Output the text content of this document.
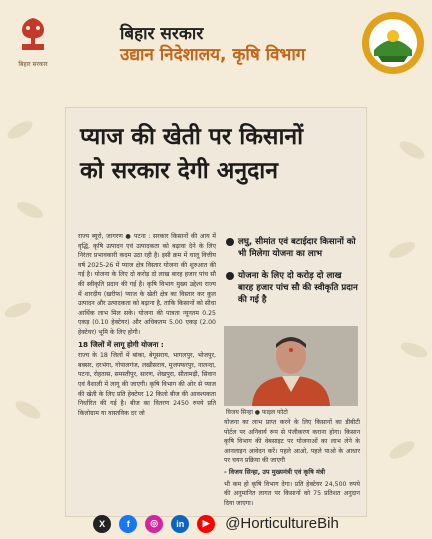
बिहार सरकार
बिहार सरकार
उद्यान निदेशालय, कृषि विभाग
प्याज की खेती पर किसानों
को सरकार देगी अनुदान

राज्य ब्यूरो, जागरण ● पटना : सरकार किसानों की आय में वृद्धि, कृषि उत्पादन एवं उत्पादकता को बढ़ावा देने के लिए निरंतर प्रभावकारी कदम उठा रही है। इसी क्रम में चालू वित्तीय वर्ष 2025-26 में प्याज क्षेत्र विस्तार योजना की शुरुआत की गई है। योजना के लिए दो करोड़ दो लाख बारह हजार पांच सौ की स्वीकृति प्रदान की गई है। कृषि विभाग मुख्य उद्देश्य राज्य में शारदीय (खरीफ) प्याज के खेती क्षेत्र का विस्तार कर कुल उत्पादन और उत्पादकता को बढ़ाना है, ताकि किसानों को सीधा आर्थिक लाभ मिल सके। योजना की पात्रता न्यूनतम 0.25 एकड़ (0.10 हेक्टेयर) और अधिकतम 5.00 एकड़ (2.00 हेक्टेयर) भूमि के लिए होगी।

18 जिलों में लागू होगी योजना :

राज्य के 18 जिलों में बांका, बेगूसराय, भागलपुर, भोजपुर, बक्सर, दरभंगा, गोपालगंज, लखीसराय, मुजफ्फरपुर, नालन्दा, पटना, रोहतास, समस्तीपुर, सारण, शेखपुरा, सीतामढ़ी, सिवान एवं वैशाली में लागू की जाएगी। कृषि विभाग की ओर से प्याज की खेती के लिए प्रति हेक्टेयर 12 किलो बीज की आवश्यकता निर्धारित की गई है। बीज का वितरण 2450 रुपये प्रति किलोग्राम या वास्तविक दर जो

लघु, सीमांत एवं बटाईदार किसानों को भी मिलेगा योजना का लाभ
योजना के लिए दो करोड़ दो लाख बारह हजार पांच सौ की स्वीकृति प्रदान की गई है
विजय सिन्हा ● फाइल फोटो

योजना का लाभ प्राप्त करने के लिए किसानों का डीबीटी पोर्टल पर अनिवार्य रूप से पंजीकरण कराना होगा। किसान कृषि विभाग की वेबसाइट पर योजनाओं का लाभ लेने के आनलाइन आवेदन करें। पहले आओ, पहले पाओ के आधार पर चयन प्रक्रिया की जाएगी

- विजय सिन्हा, उप मुख्यमंत्री एवं कृषि मंत्री

भी कम हो कृषि विभाग देगा। प्रति हेक्टेयर 24,500 रुपये की अनुमानित लागत पर किसानों को 75 प्रतिशत अनुदान दिया जाएगा।

X	f	◎	in	▶	@HorticultureBih
